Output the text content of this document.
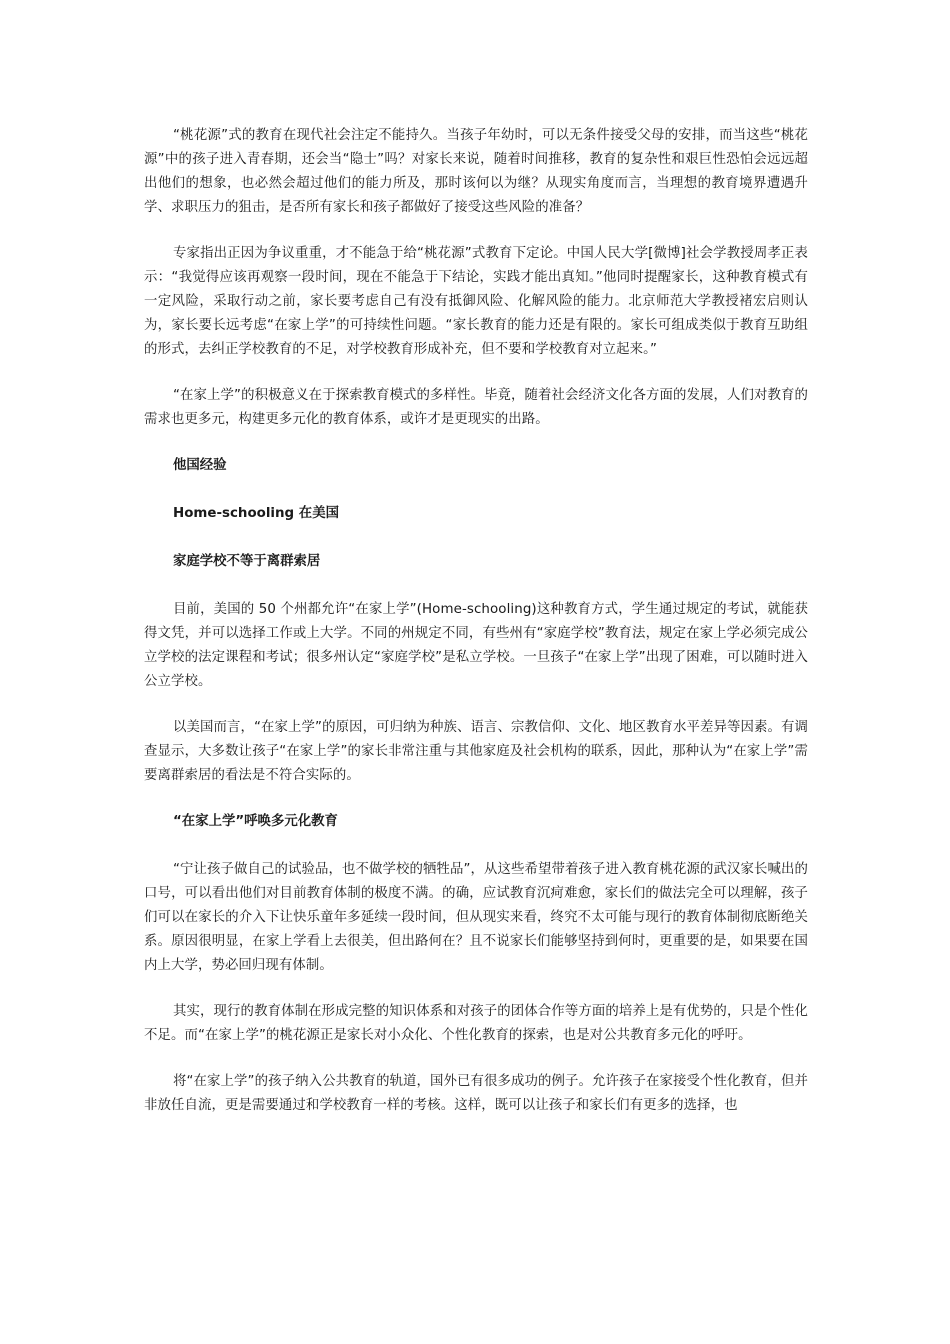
“桃花源”式的教育在现代社会注定不能持久。当孩子年幼时，可以无条件接受父母的安排，而当这些“桃花源”中的孩子进入青春期，还会当“隐士”吗？对家长来说，随着时间推移，教育的复杂性和艰巨性恐怕会远远超出他们的想象，也必然会超过他们的能力所及，那时该何以为继？从现实角度而言，当理想的教育境界遭遇升学、求职压力的狙击，是否所有家长和孩子都做好了接受这些风险的准备？

专家指出正因为争议重重，才不能急于给“桃花源”式教育下定论。中国人民大学[微博]社会学教授周孝正表示：“我觉得应该再观察一段时间，现在不能急于下结论，实践才能出真知。”他同时提醒家长，这种教育模式有一定风险，采取行动之前，家长要考虑自己有没有抵御风险、化解风险的能力。北京师范大学教授褚宏启则认为，家长要长远考虑“在家上学”的可持续性问题。“家长教育的能力还是有限的。家长可组成类似于教育互助组的形式，去纠正学校教育的不足，对学校教育形成补充，但不要和学校教育对立起来。”

“在家上学”的积极意义在于探索教育模式的多样性。毕竟，随着社会经济文化各方面的发展，人们对教育的需求也更多元，构建更多元化的教育体系，或许才是更现实的出路。

他国经验

Home-schooling 在美国

家庭学校不等于离群索居

目前，美国的 50 个州都允许“在家上学”(Home-schooling)这种教育方式，学生通过规定的考试，就能获得文凭，并可以选择工作或上大学。不同的州规定不同，有些州有“家庭学校”教育法，规定在家上学必须完成公立学校的法定课程和考试；很多州认定“家庭学校”是私立学校。一旦孩子“在家上学”出现了困难，可以随时进入公立学校。

以美国而言，“在家上学”的原因，可归纳为种族、语言、宗教信仰、文化、地区教育水平差异等因素。有调查显示，大多数让孩子“在家上学”的家长非常注重与其他家庭及社会机构的联系，因此，那种认为“在家上学”需要离群索居的看法是不符合实际的。

“在家上学”呼唤多元化教育

“宁让孩子做自己的试验品，也不做学校的牺牲品”，从这些希望带着孩子进入教育桃花源的武汉家长喊出的口号，可以看出他们对目前教育体制的极度不满。的确，应试教育沉疴难愈，家长们的做法完全可以理解，孩子们可以在家长的介入下让快乐童年多延续一段时间，但从现实来看，终究不太可能与现行的教育体制彻底断绝关系。原因很明显，在家上学看上去很美，但出路何在？且不说家长们能够坚持到何时，更重要的是，如果要在国内上大学，势必回归现有体制。

其实，现行的教育体制在形成完整的知识体系和对孩子的团体合作等方面的培养上是有优势的，只是个性化不足。而“在家上学”的桃花源正是家长对小众化、个性化教育的探索，也是对公共教育多元化的呼吁。

将“在家上学”的孩子纳入公共教育的轨道，国外已有很多成功的例子。允许孩子在家接受个性化教育，但并非放任自流，更是需要通过和学校教育一样的考核。这样，既可以让孩子和家长们有更多的选择，也
